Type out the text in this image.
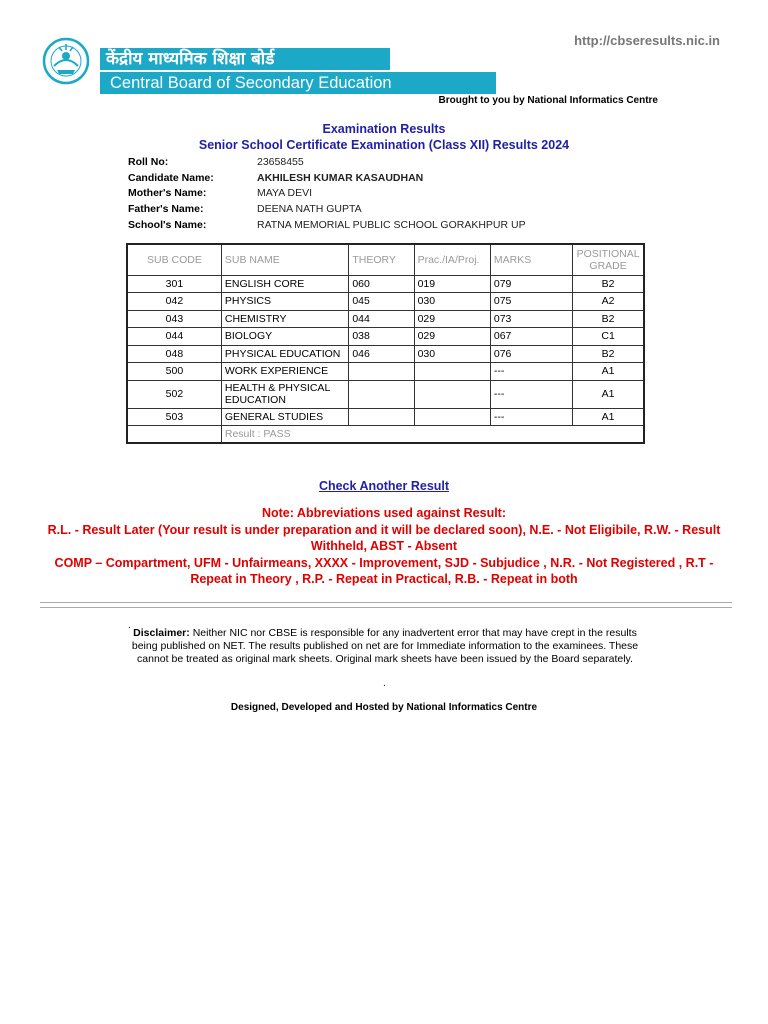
http://cbseresults.nic.in
केंद्रीय माध्यमिक शिक्षा बोर्ड
Central Board of Secondary Education
Brought to you by National Informatics Centre
Examination Results
Senior School Certificate Examination (Class XII) Results 2024
Roll No:	23658455
Candidate Name:	AKHILESH KUMAR KASAUDHAN
Mother's Name:	MAYA DEVI
Father's Name:	DEENA NATH GUPTA
School's Name:	RATNA MEMORIAL PUBLIC SCHOOL GORAKHPUR UP
SUB CODE	SUB NAME	THEORY	Prac./IA/Proj.	MARKS	POSITIONAL GRADE
301	ENGLISH CORE	060	019	079	B2
042	PHYSICS	045	030	075	A2
043	CHEMISTRY	044	029	073	B2
044	BIOLOGY	038	029	067	C1
048	PHYSICAL EDUCATION	046	030	076	B2
500	WORK EXPERIENCE			---	A1
502	HEALTH & PHYSICAL EDUCATION			---	A1
503	GENERAL STUDIES			---	A1
	Result : PASS				
Check Another Result

Note: Abbreviations used against Result:

R.L. - Result Later (Your result is under preparation and it will be declared soon), N.E. - Not Eligibile, R.W. - Result Withheld, ABST - Absent

COMP – Compartment, UFM - Unfairmeans, XXXX - Improvement, SJD - Subjudice , N.R. - Not Registered , R.T - Repeat in Theory , R.P. - Repeat in Practical, R.B. - Repeat in both

.
Disclaimer: Neither NIC nor CBSE is responsible for any inadvertent error that may have crept in the results being published on NET. The results published on net are for Immediate information to the examinees. These cannot be treated as original mark sheets. Original mark sheets have been issued by the Board separately.
.
Designed, Developed and Hosted by National Informatics Centre
